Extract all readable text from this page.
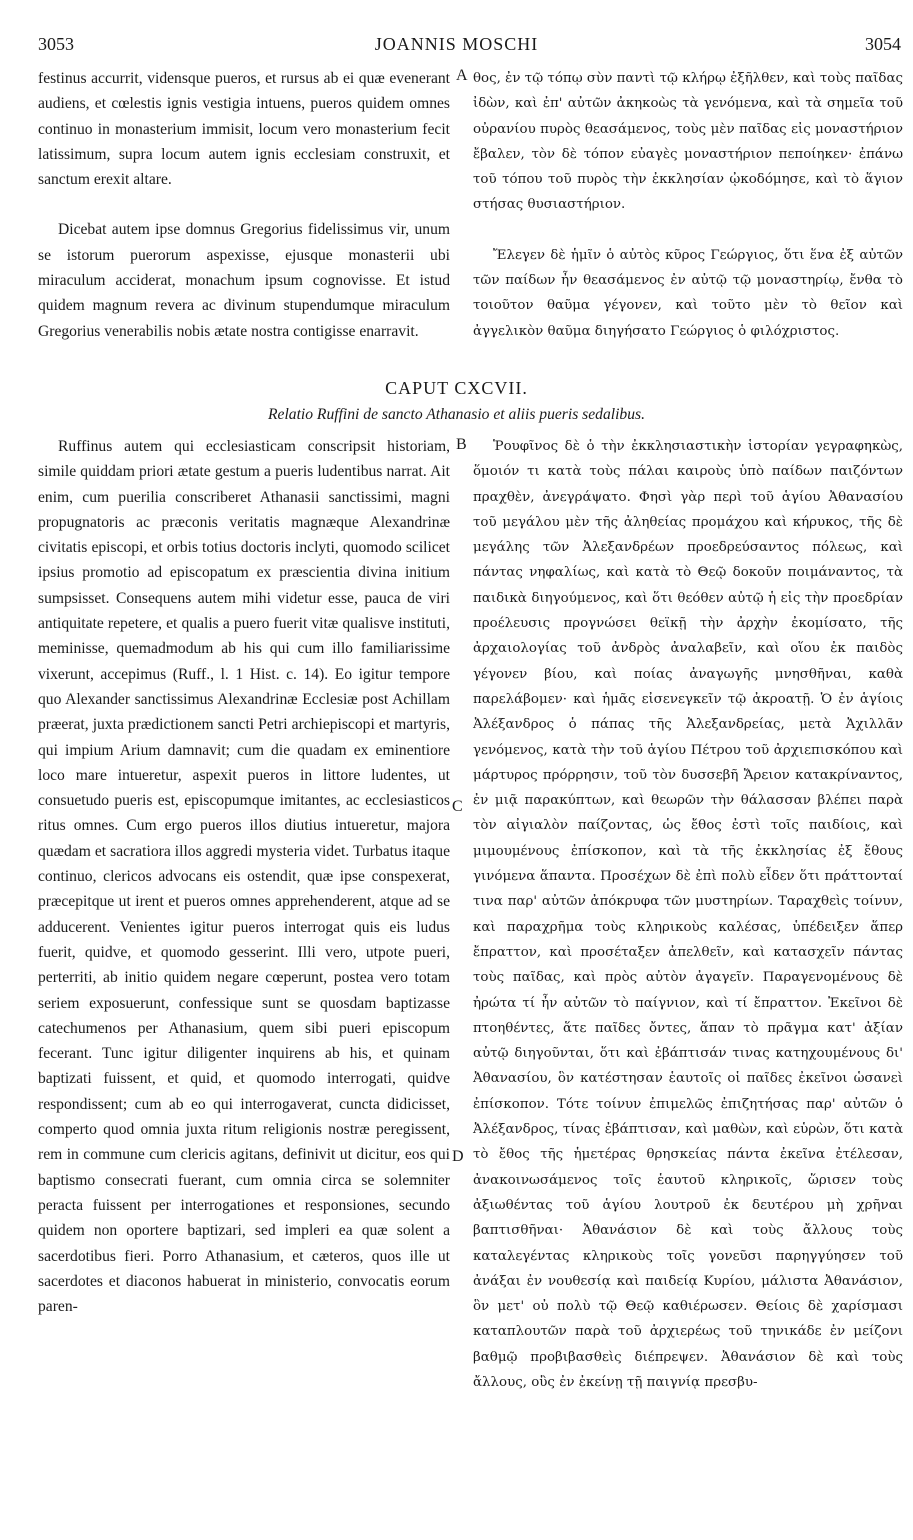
3053	JOANNIS MOSCHI	3054

festinus accurrit, vidensque pueros, et rursus ab ei quæ evenerant audiens, et cœlestis ignis vestigia intuens, pueros quidem omnes continuo in monasterium immisit, locum vero monasterium fecit latissimum, supra locum autem ignis ecclesiam construxit, et sanctum erexit altare.

Dicebat autem ipse domnus Gregorius fidelissimus vir, unum se istorum puerorum aspexisse, ejusque monasterii ubi miraculum acciderat, monachum ipsum cognovisse. Et istud quidem magnum revera ac divinum stupendumque miraculum Gregorius venerabilis nobis ætate nostra contigisse enarravit.

A θος, ἐν τῷ τόπῳ σὺν παντὶ τῷ κλήρῳ ἐξῆλθεν, καὶ τοὺς παῖδας ἰδὼν, καὶ ἐπ' αὐτῶν ἀκηκοὼς τὰ γενόμενα, καὶ τὰ σημεῖα τοῦ οὐρανίου πυρὸς θεασάμενος, τοὺς μὲν παῖδας εἰς μοναστήριον ἔβαλεν, τὸν δὲ τόπον εὐαγὲς μοναστήριον πεποίηκεν· ἐπάνω τοῦ τόπου τοῦ πυρὸς τὴν ἐκκλησίαν ᾠκοδόμησε, καὶ τὸ ἅγιον στήσας θυσιαστήριον.

Ἔλεγεν δὲ ἡμῖν ὁ αὐτὸς κῦρος Γεώργιος, ὅτι ἕνα ἐξ αὐτῶν τῶν παίδων ἦν θεασάμενος ἐν αὐτῷ τῷ μοναστηρίῳ, ἔνθα τὸ τοιοῦτον θαῦμα γέγονεν, καὶ τοῦτο μὲν τὸ θεῖον καὶ ἀγγελικὸν θαῦμα διηγήσατο Γεώργιος ὁ φιλόχριστος.

CAPUT CXCVII.
Relatio Ruffini de sancto Athanasio et aliis pueris sedalibus.

Ruffinus autem qui ecclesiasticam conscripsit historiam, simile quiddam priori ætate gestum a pueris ludentibus narrat. Ait enim, cum puerilia conscriberet Athanasii sanctissimi, magni propugnatoris ac præconis veritatis magnæque Alexandrinæ civitatis episcopi, et orbis totius doctoris inclyti, quomodo scilicet ipsius promotio ad episcopatum ex præscientia divina initium sumpsisset. Consequens autem mihi videtur esse, pauca de viri antiquitate repetere, et qualis a puero fuerit vitæ qualisve instituti, meminisse, quemadmodum ab his qui cum illo familiarissime vixerunt, accepimus (Ruff., l. 1 Hist. c. 14). Eo igitur tempore quo Alexander sanctissimus Alexandrinæ Ecclesiæ post Achillam præerat, juxta prædictionem sancti Petri archiepiscopi et martyris, qui impium Arium damnavit; cum die quadam ex eminentiore loco mare intueretur, aspexit pueros in littore ludentes, ut consuetudo pueris est, episcopumque imitantes, ac ecclesiasticos ritus omnes. Cum ergo pueros illos diutius intueretur, majora quædam et sacratiora illos aggredi mysteria videt. Turbatus itaque continuo, clericos advocans eis ostendit, quæ ipse conspexerat, præcepitque ut irent et pueros omnes apprehenderent, atque ad se adducerent. Venientes igitur pueros interrogat quis eis ludus fuerit, quidve, et quomodo gesserint. Illi vero, utpote pueri, perterriti, ab initio quidem negare cœperunt, postea vero totam seriem exposuerunt, confessique sunt se quosdam baptizasse catechumenos per Athanasium, quem sibi pueri episcopum fecerant. Tunc igitur diligenter inquirens ab his, et quinam baptizati fuissent, et quid, et quomodo interrogati, quidve respondissent; cum ab eo qui interrogaverat, cuncta didicisset, comperto quod omnia juxta ritum religionis nostræ peregissent, rem in commune cum clericis agitans, definivit ut dicitur, eos qui baptismo consecrati fuerant, cum omnia circa se solemniter peracta fuissent per interrogationes et responsiones, secundo quidem non oportere baptizari, sed impleri ea quæ solent a sacerdotibus fieri. Porro Athanasium, et cæteros, quos ille ut sacerdotes et diaconos habuerat in ministerio, convocatis eorum paren-

B
C
D

Ῥουφῖνος δὲ ὁ τὴν ἐκκλησιαστικὴν ἱστορίαν γεγραφηκὼς, ὅμοιόν τι κατὰ τοὺς πάλαι καιροὺς ὑπὸ παίδων παιζόντων πραχθὲν, ἀνεγράψατο. Φησὶ γὰρ περὶ τοῦ ἁγίου Ἀθανασίου τοῦ μεγάλου μὲν τῆς ἀληθείας προμάχου καὶ κήρυκος, τῆς δὲ μεγάλης τῶν Ἀλεξανδρέων προεδρεύσαντος πόλεως, καὶ πάντας νηφαλίως, καὶ κατὰ τὸ Θεῷ δοκοῦν ποιμάναντος, τὰ παιδικὰ διηγούμενος, καὶ ὅτι θεόθεν αὐτῷ ἡ εἰς τὴν προεδρίαν προέλευσις προγνώσει θεϊκῇ τὴν ἀρχὴν ἐκομίσατο, τῆς ἀρχαιολογίας τοῦ ἀνδρὸς ἀναλαβεῖν, καὶ οἵου ἐκ παιδὸς γέγονεν βίου, καὶ ποίας ἀναγωγῆς μνησθῆναι, καθὰ παρελάβομεν· καὶ ἡμᾶς εἰσενεγκεῖν τῷ ἀκροατῇ. Ὁ ἐν ἁγίοις Ἀλέξανδρος ὁ πάπας τῆς Ἀλεξανδρείας, μετὰ Ἀχιλλᾶν γενόμενος, κατὰ τὴν τοῦ ἁγίου Πέτρου τοῦ ἀρχιεπισκόπου καὶ μάρτυρος πρόρρησιν, τοῦ τὸν δυσσεβῆ Ἄρειον κατακρίναντος, ἐν μιᾷ παρακύπτων, καὶ θεωρῶν τὴν θάλασσαν βλέπει παρὰ τὸν αἰγιαλὸν παίζοντας, ὡς ἔθος ἐστὶ τοῖς παιδίοις, καὶ μιμουμένους ἐπίσκοπον, καὶ τὰ τῆς ἐκκλησίας ἐξ ἔθους γινόμενα ἅπαντα. Προσέχων δὲ ἐπὶ πολὺ εἶδεν ὅτι πράττονταί τινα παρ' αὐτῶν ἀπόκρυφα τῶν μυστηρίων. Ταραχθεὶς τοίνυν, καὶ παραχρῆμα τοὺς κληρικοὺς καλέσας, ὑπέδειξεν ἅπερ ἔπραττον, καὶ προσέταξεν ἀπελθεῖν, καὶ κατασχεῖν πάντας τοὺς παῖδας, καὶ πρὸς αὐτὸν ἀγαγεῖν. Παραγενομένους δὲ ἠρώτα τί ἦν αὐτῶν τὸ παίγνιον, καὶ τί ἔπραττον. Ἐκεῖνοι δὲ πτοηθέντες, ἅτε παῖδες ὄντες, ἅπαν τὸ πρᾶγμα κατ' ἀξίαν αὐτῷ διηγοῦνται, ὅτι καὶ ἐβάπτισάν τινας κατηχουμένους δι' Ἀθανασίου, ὃν κατέστησαν ἑαυτοῖς οἱ παῖδες ἐκεῖνοι ὡσανεὶ ἐπίσκοπον. Τότε τοίνυν ἐπιμελῶς ἐπιζητήσας παρ' αὐτῶν ὁ Ἀλέξανδρος, τίνας ἐβάπτισαν, καὶ μαθὼν, καὶ εὑρὼν, ὅτι κατὰ τὸ ἔθος τῆς ἡμετέρας θρησκείας πάντα ἐκεῖνα ἐτέλεσαν, ἀνακοινωσάμενος τοῖς ἑαυτοῦ κληρικοῖς, ὥρισεν τοὺς ἀξιωθέντας τοῦ ἁγίου λουτροῦ ἐκ δευτέρου μὴ χρῆναι βαπτισθῆναι· Ἀθανάσιον δὲ καὶ τοὺς ἄλλους τοὺς καταλεγέντας κληρικοὺς τοῖς γονεῦσι παρηγγύησεν τοῦ ἀνάξαι ἐν νουθεσίᾳ καὶ παιδείᾳ Κυρίου, μάλιστα Ἀθανάσιον, ὃν μετ' οὐ πολὺ τῷ Θεῷ καθιέρωσεν. Θείοις δὲ χαρίσμασι καταπλουτῶν παρὰ τοῦ ἀρχιερέως τοῦ τηνικάδε ἐν μείζονι βαθμῷ προβιβασθεὶς διέπρεψεν. Ἀθανάσιον δὲ καὶ τοὺς ἄλλους, οὓς ἐν ἐκείνῃ τῇ παιγνίᾳ πρεσβυ-
